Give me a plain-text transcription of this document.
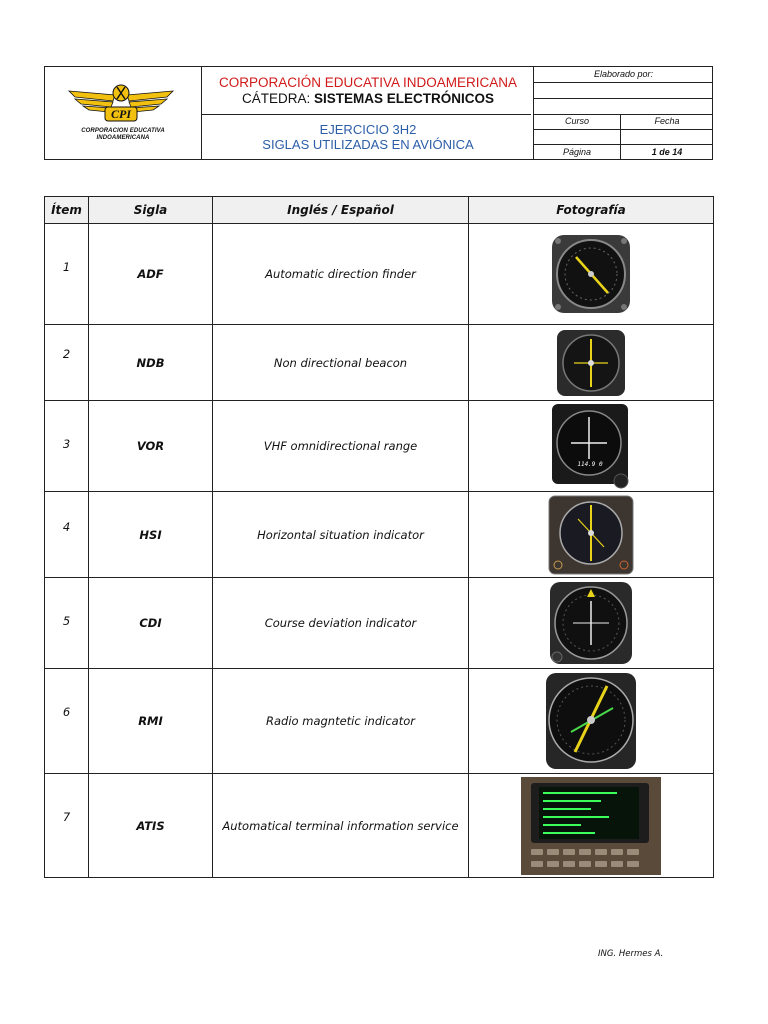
CPI
CORPORACION EDUCATIVA
INDOAMERICANA
CORPORACIÓN EDUCATIVA INDOAMERICANA
CÁTEDRA: SISTEMAS ELECTRÓNICOS
EJERCICIO 3H2
SIGLAS UTILIZADAS EN AVIÓNICA
Elaborado por:
Curso	Fecha
Página	1 de 14
Ítem	Sigla	Inglés / Español	Fotografía
1	ADF	Automatic direction finder	

2	NDB	Non directional beacon	

3	VOR	VHF omnidirectional range	114.9 0

4	HSI	Horizontal situation indicator	

5	CDI	Course deviation indicator	

6	RMI	Radio magntetic indicator	

7	ATIS	Automatical terminal information service	
ING. Hermes A.
